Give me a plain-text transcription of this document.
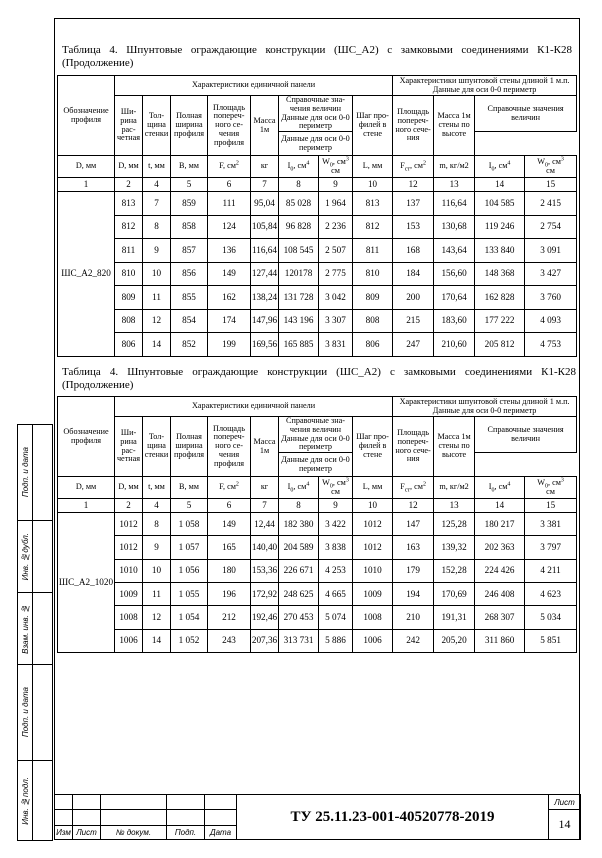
Таблица 4. Шпунтовые ограждающие конструкции (ШС_А2) с замковыми соединениями К1-К28 (Продолжение)
Обозначение профиля	Характеристики единичной панели								Характеристики шпунтовой стены длиной 1 м.п. Данные для оси 0-0 периметр			
	Ши-рина рас-четная	Тол-щина стенки	Полная ширина профиля	Площадь попереч-ного се-чения профиля	Масса 1м	Справочные зна-чения величин
Данные для оси 0-0 периметр		Шаг про-филей в стене	Площадь попереч-ного сече-ния	Масса 1м стены по высоте	Справочные значения величин	
						Данные для оси 0-0 периметр						
D, мм	D, мм	t, мм	B, мм	F, $см^2$	кг	$I_0$, $см^4$	$W_0$, $см^3$
см	L, мм	$F_{ст}$, $см^2$	m, кг/м2	$I_0$, $см^4$	$W_0$, $см^3$
см
1	2	4	5	6	7	8	9	10	12	13	14	15
ШС_А2_820	813	7	859	111	95,04	85 028	1 964	813	137	116,64	104 585	2 415
	812	8	858	124	105,84	96 828	2 236	812	153	130,68	119 246	2 754
	811	9	857	136	116,64	108 545	2 507	811	168	143,64	133 840	3 091
	810	10	856	149	127,44	120178	2 775	810	184	156,60	148 368	3 427
	809	11	855	162	138,24	131 728	3 042	809	200	170,64	162 828	3 760
	808	12	854	174	147,96	143 196	3 307	808	215	183,60	177 222	4 093
	806	14	852	199	169,56	165 885	3 831	806	247	210,60	205 812	4 753
Таблица 4. Шпунтовые ограждающие конструкции (ШС_А2) с замковыми соединениями К1-К28 (Продолжение)
Обозначение профиля	Характеристики единичной панели								Характеристики шпунтовой стены длиной 1 м.п. Данные для оси 0-0 периметр			
	Ши-рина рас-четная	Тол-щина стенки	Полная ширина профиля	Площадь попереч-ного се-чения профиля	Масса 1м	Справочные зна-чения величин
Данные для оси 0-0 периметр		Шаг про-филей в стене	Площадь попереч-ного сече-ния	Масса 1м стены по высоте	Справочные значения величин	
						Данные для оси 0-0 периметр						
D, мм	D, мм	t, мм	B, мм	F, $см^2$	кг	$I_0$, $см^4$	$W_0$, $см^3$
см	L, мм	$F_{ст}$, $см^2$	m, кг/м2	$I_0$, $см^4$	$W_0$, $см^3$
см
1	2	4	5	6	7	8	9	10	12	13	14	15
ШС_А2_1020	1012	8	1 058	149	12,44	182 380	3 422	1012	147	125,28	180 217	3 381
	1012	9	1 057	165	140,40	204 589	3 838	1012	163	139,32	202 363	3 797
	1010	10	1 056	180	153,36	226 671	4 253	1010	179	152,28	224 426	4 211
	1009	11	1 055	196	172,92	248 625	4 665	1009	194	170,69	246 408	4 623
	1008	12	1 054	212	192,46	270 453	5 074	1008	210	191,31	268 307	5 034
	1006	14	1 052	243	207,36	313 731	5 886	1006	242	205,20	311 860	5 851
Подп. и дата	

Инв. №дубл.	

Взам. инв. №	

Подп. и дата	

Инв. №подл.	

						ТУ 25.11.23-001-40520778-2019	Лист
						14
Изм	Лист	№ докум.	Подп.	Дата		
